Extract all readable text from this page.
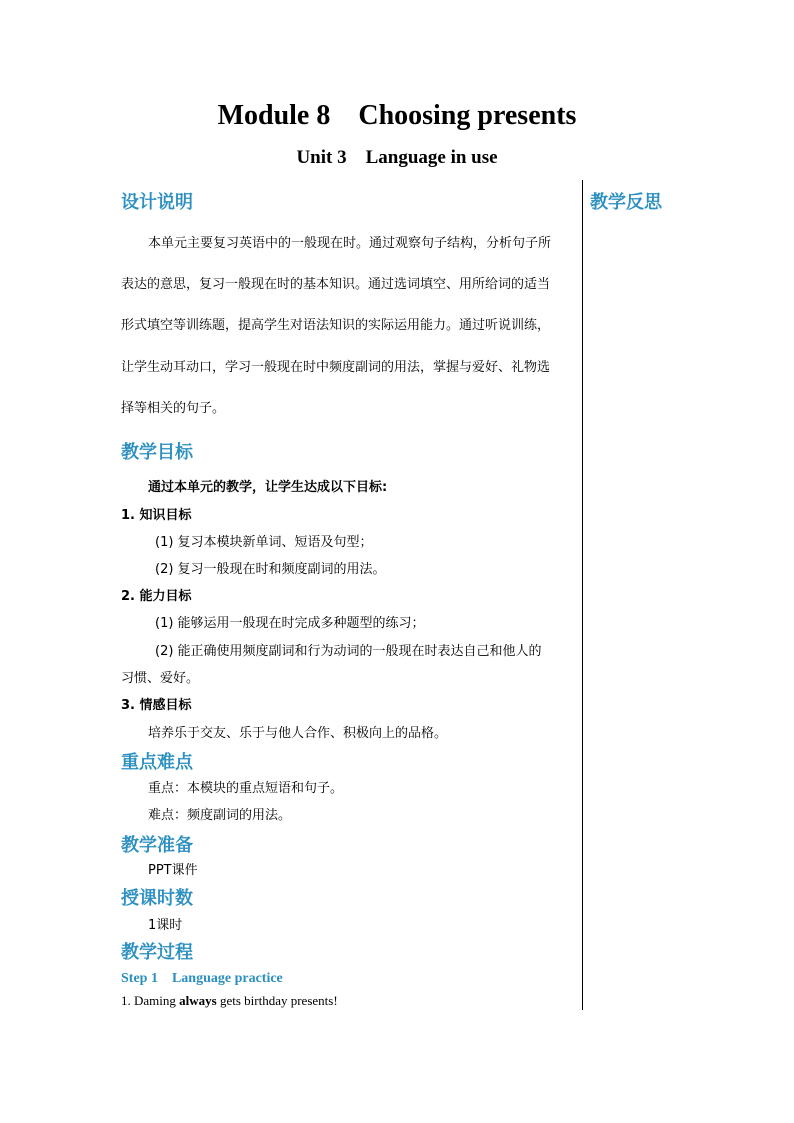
Module 8    Choosing presents
Unit 3    Language in use
教学反思
设计说明
本单元主要复习英语中的一般现在时。通过观察句子结构，分析句子所
表达的意思，复习一般现在时的基本知识。通过选词填空、用所给词的适当
形式填空等训练题，提高学生对语法知识的实际运用能力。通过听说训练，
让学生动耳动口，学习一般现在时中频度副词的用法，掌握与爱好、礼物选
择等相关的句子。
教学目标
通过本单元的教学，让学生达成以下目标:
1. 知识目标
(1) 复习本模块新单词、短语及句型；
(2) 复习一般现在时和频度副词的用法。
2. 能力目标
(1) 能够运用一般现在时完成多种题型的练习；
(2) 能正确使用频度副词和行为动词的一般现在时表达自己和他人的
习惯、爱好。
3. 情感目标
培养乐于交友、乐于与他人合作、积极向上的品格。
重点难点
重点：本模块的重点短语和句子。
难点：频度副词的用法。
教学准备
PPT课件
授课时数
1课时
教学过程
Step 1    Language practice
1. Daming always gets birthday presents!
